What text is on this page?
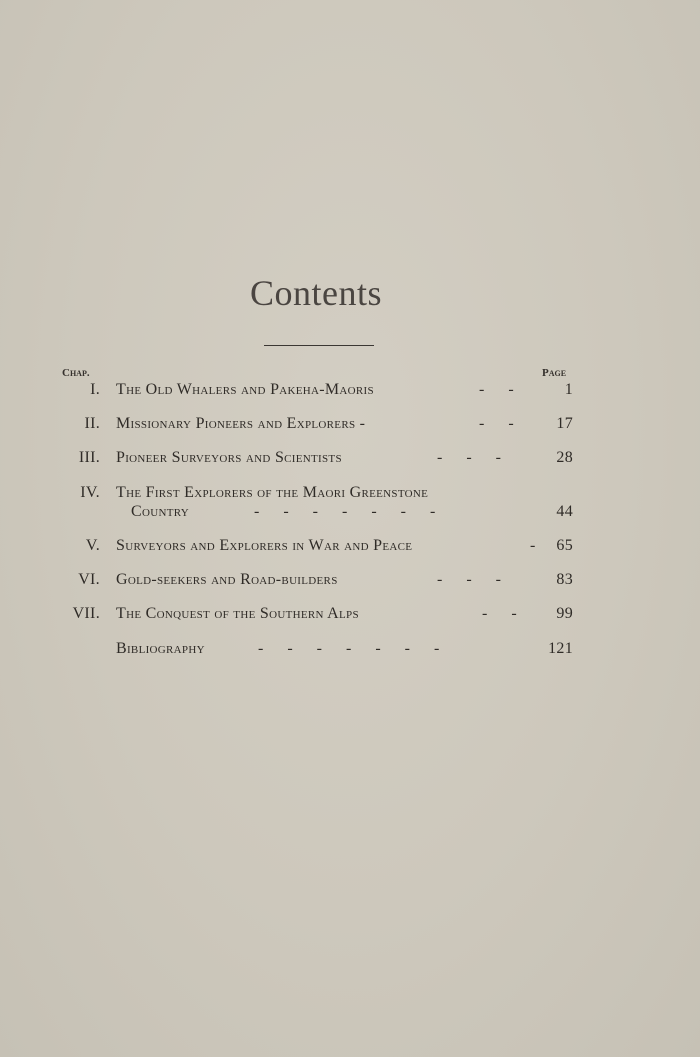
Contents
Chap.	Page
I. The Old Whalers and Pakeha-Maoris	-      -	1
II. Missionary Pioneers and Explorers -	-      -	17
III. Pioneer Surveyors and Scientists	-      -      -	28
IV. The First Explorers of the Maori Greenstone
Country	-      -      -      -      -      -      -	44
V. Surveyors and Explorers in War and Peace	-	65
VI. Gold-seekers and Road-builders	-      -      -	83
VII. The Conquest of the Southern Alps	-      -	99
Bibliography	-      -      -      -      -      -      -	121
